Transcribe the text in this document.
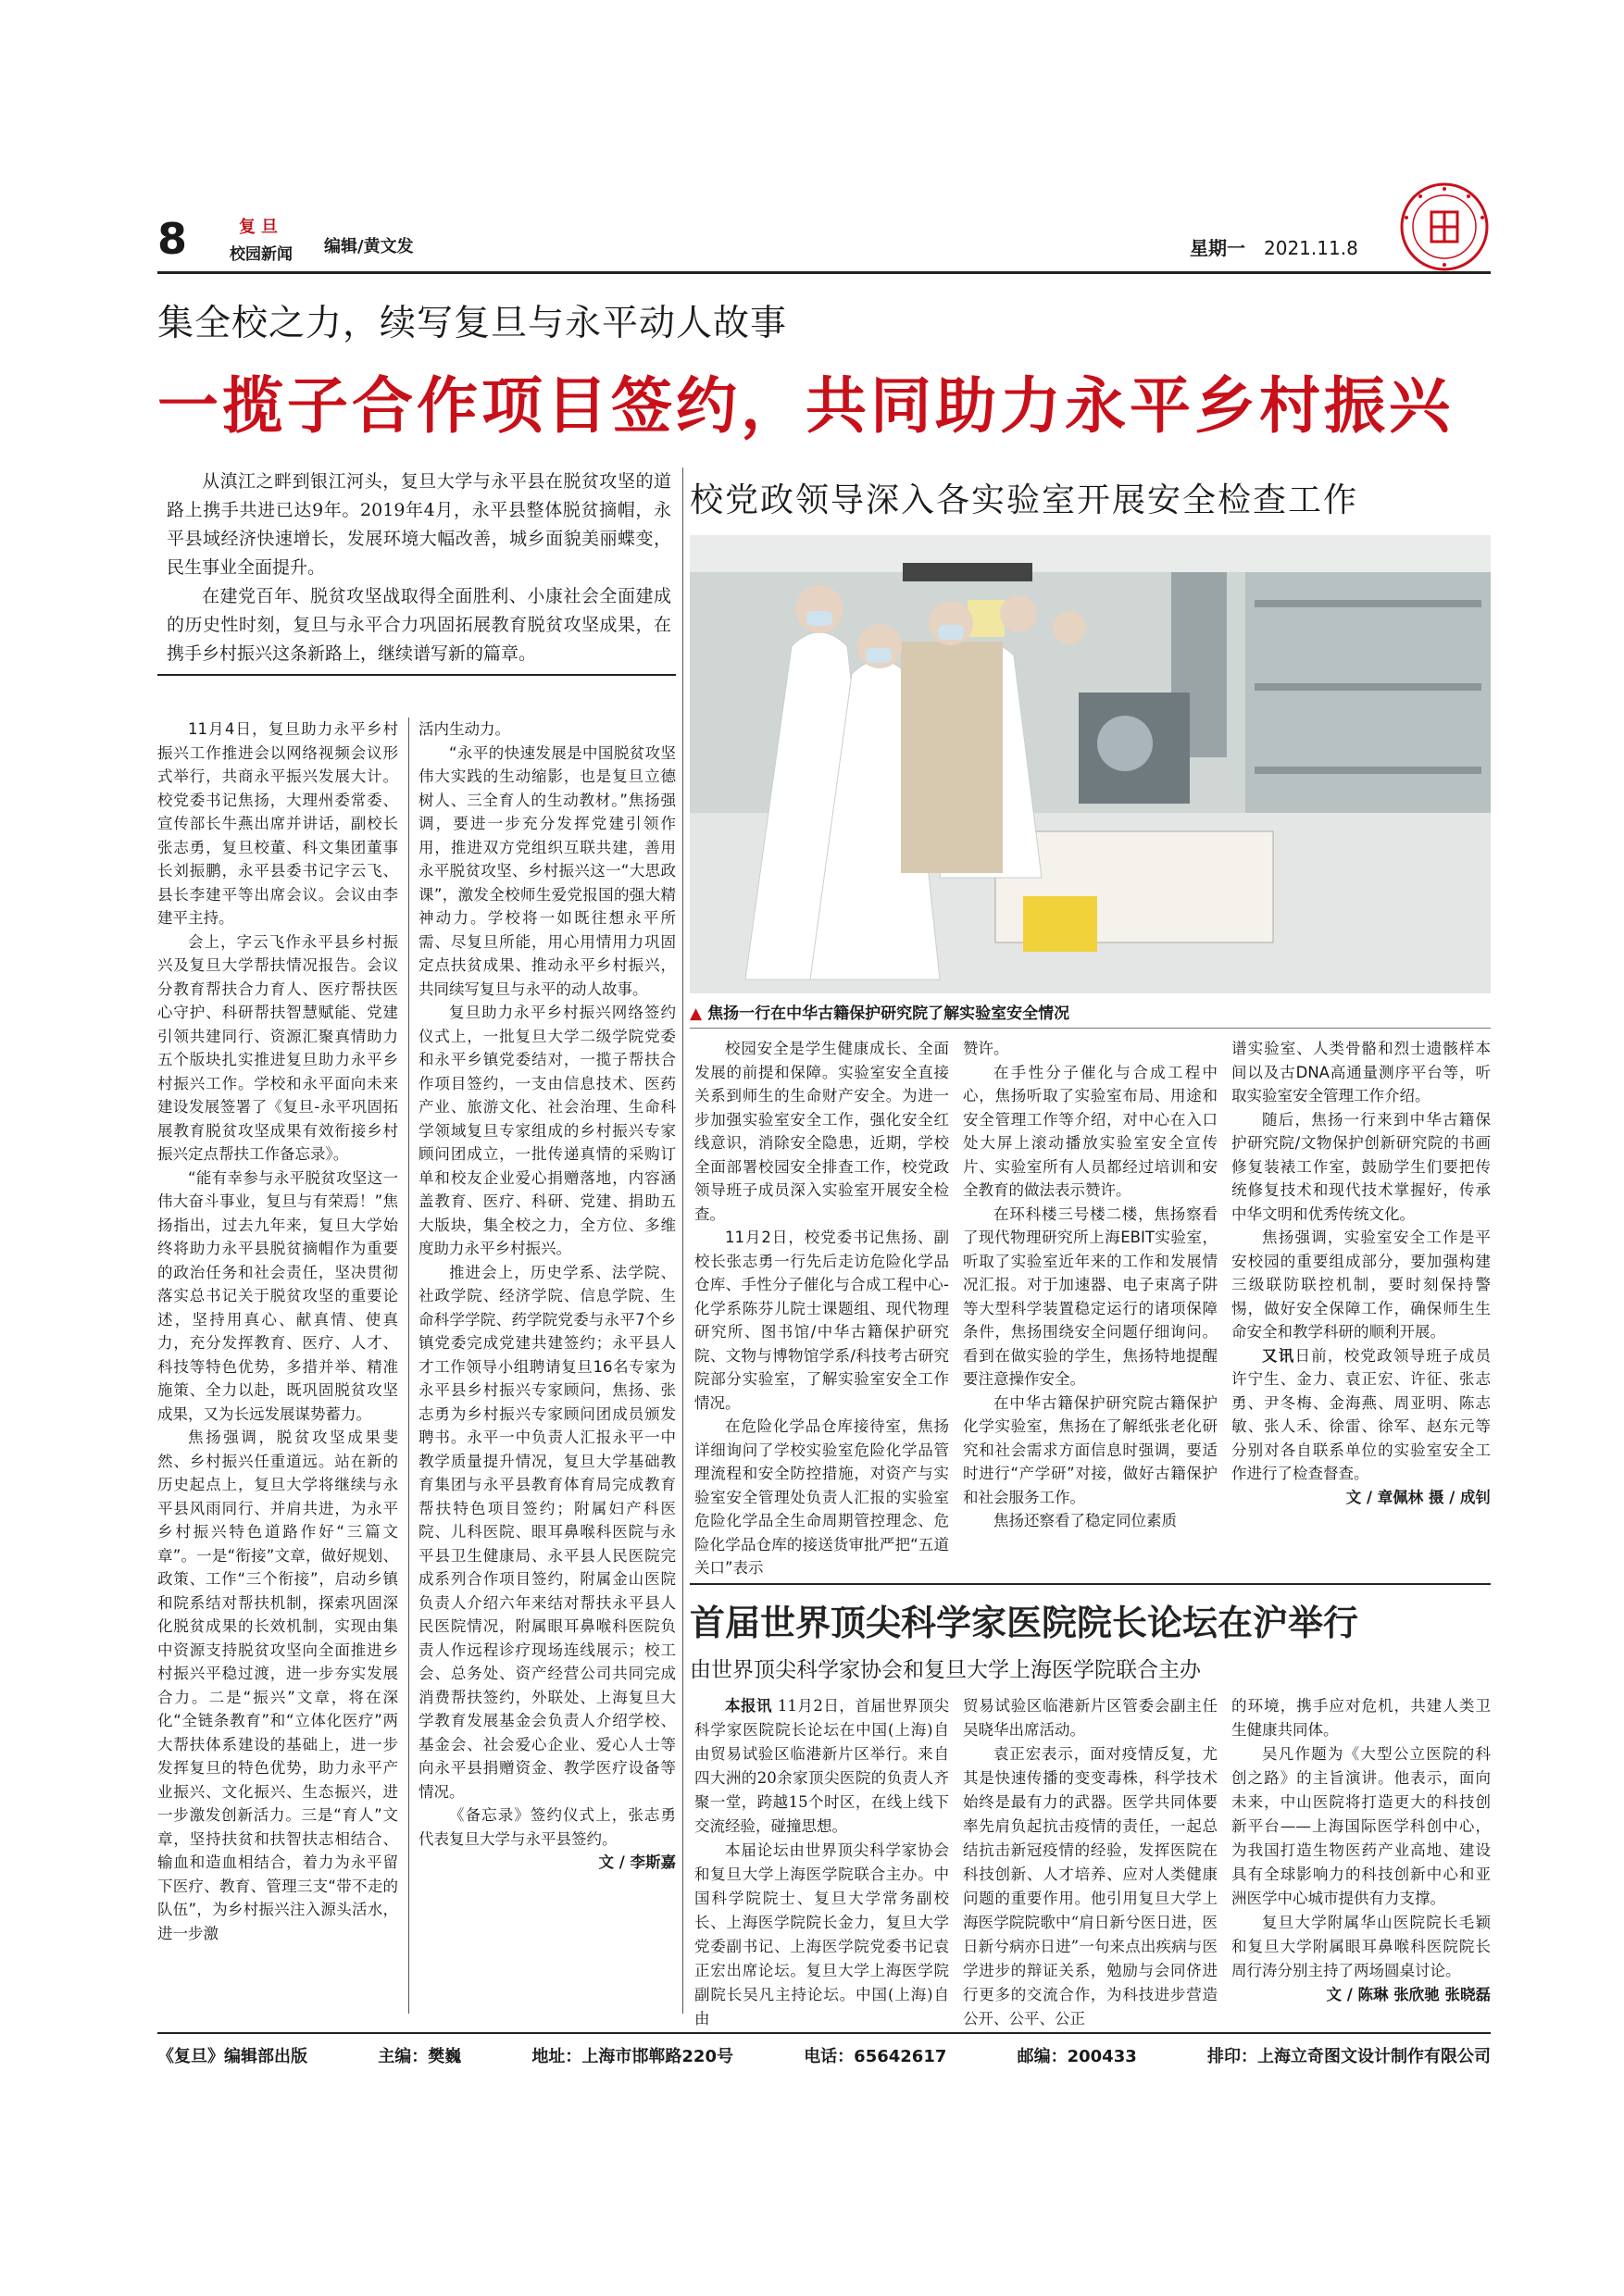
8	复旦
校园新闻	编辑/黄文发	星期一 2021.11.8
集全校之力，续写复旦与永平动人故事
一揽子合作项目签约，共同助力永平乡村振兴

从滇江之畔到银江河头，复旦大学与永平县在脱贫攻坚的道路上携手共进已达9年。2019年4月，永平县整体脱贫摘帽，永平县域经济快速增长，发展环境大幅改善，城乡面貌美丽蝶变，民生事业全面提升。

在建党百年、脱贫攻坚战取得全面胜利、小康社会全面建成的历史性时刻，复旦与永平合力巩固拓展教育脱贫攻坚成果，在携手乡村振兴这条新路上，继续谱写新的篇章。

11月4日，复旦助力永平乡村振兴工作推进会以网络视频会议形式举行，共商永平振兴发展大计。校党委书记焦扬，大理州委常委、宣传部长牛燕出席并讲话，副校长张志勇，复旦校董、科文集团董事长刘振鹏，永平县委书记字云飞、县长李建平等出席会议。会议由李建平主持。

会上，字云飞作永平县乡村振兴及复旦大学帮扶情况报告。会议分教育帮扶合力育人、医疗帮扶医心守护、科研帮扶智慧赋能、党建引领共建同行、资源汇聚真情助力五个版块扎实推进复旦助力永平乡村振兴工作。学校和永平面向未来建设发展签署了《复旦-永平巩固拓展教育脱贫攻坚成果有效衔接乡村振兴定点帮扶工作备忘录》。

“能有幸参与永平脱贫攻坚这一伟大奋斗事业，复旦与有荣焉！”焦扬指出，过去九年来，复旦大学始终将助力永平县脱贫摘帽作为重要的政治任务和社会责任，坚决贯彻落实总书记关于脱贫攻坚的重要论述，坚持用真心、献真情、使真力，充分发挥教育、医疗、人才、科技等特色优势，多措并举、精准施策、全力以赴，既巩固脱贫攻坚成果，又为长远发展谋势蓄力。

焦扬强调，脱贫攻坚成果斐然、乡村振兴任重道远。站在新的历史起点上，复旦大学将继续与永平县风雨同行、并肩共进，为永平乡村振兴特色道路作好“三篇文章”。一是“衔接”文章，做好规划、政策、工作“三个衔接”，启动乡镇和院系结对帮扶机制，探索巩固深化脱贫成果的长效机制，实现由集中资源支持脱贫攻坚向全面推进乡村振兴平稳过渡，进一步夯实发展合力。二是“振兴”文章，将在深化“全链条教育”和“立体化医疗”两大帮扶体系建设的基础上，进一步发挥复旦的特色优势，助力永平产业振兴、文化振兴、生态振兴，进一步激发创新活力。三是“育人”文章，坚持扶贫和扶智扶志相结合、输血和造血相结合，着力为永平留下医疗、教育、管理三支“带不走的队伍”，为乡村振兴注入源头活水，进一步激

活内生动力。

“永平的快速发展是中国脱贫攻坚伟大实践的生动缩影，也是复旦立德树人、三全育人的生动教材。”焦扬强调，要进一步充分发挥党建引领作用，推进双方党组织互联共建，善用永平脱贫攻坚、乡村振兴这一“大思政课”，激发全校师生爱党报国的强大精神动力。学校将一如既往想永平所需、尽复旦所能，用心用情用力巩固定点扶贫成果、推动永平乡村振兴，共同续写复旦与永平的动人故事。

复旦助力永平乡村振兴网络签约仪式上，一批复旦大学二级学院党委和永平乡镇党委结对，一揽子帮扶合作项目签约，一支由信息技术、医药产业、旅游文化、社会治理、生命科学领域复旦专家组成的乡村振兴专家顾问团成立，一批传递真情的采购订单和校友企业爱心捐赠落地，内容涵盖教育、医疗、科研、党建、捐助五大版块，集全校之力，全方位、多维度助力永平乡村振兴。

推进会上，历史学系、法学院、社政学院、经济学院、信息学院、生命科学学院、药学院党委与永平7个乡镇党委完成党建共建签约；永平县人才工作领导小组聘请复旦16名专家为永平县乡村振兴专家顾问，焦扬、张志勇为乡村振兴专家顾问团成员颁发聘书。永平一中负责人汇报永平一中教学质量提升情况，复旦大学基础教育集团与永平县教育体育局完成教育帮扶特色项目签约；附属妇产科医院、儿科医院、眼耳鼻喉科医院与永平县卫生健康局、永平县人民医院完成系列合作项目签约，附属金山医院负责人介绍六年来结对帮扶永平县人民医院情况，附属眼耳鼻喉科医院负责人作远程诊疗现场连线展示；校工会、总务处、资产经营公司共同完成消费帮扶签约，外联处、上海复旦大学教育发展基金会负责人介绍学校、基金会、社会爱心企业、爱心人士等向永平县捐赠资金、教学医疗设备等情况。

《备忘录》签约仪式上，张志勇代表复旦大学与永平县签约。

文 / 李斯嘉
校党政领导深入各实验室开展安全检查工作
▲ 焦扬一行在中华古籍保护研究院了解实验室安全情况

校园安全是学生健康成长、全面发展的前提和保障。实验室安全直接关系到师生的生命财产安全。为进一步加强实验室安全工作，强化安全红线意识，消除安全隐患，近期，学校全面部署校园安全排查工作，校党政领导班子成员深入实验室开展安全检查。

11月2日，校党委书记焦扬、副校长张志勇一行先后走访危险化学品仓库、手性分子催化与合成工程中心-化学系陈芬儿院士课题组、现代物理研究所、图书馆/中华古籍保护研究院、文物与博物馆学系/科技考古研究院部分实验室，了解实验室安全工作情况。

在危险化学品仓库接待室，焦扬详细询问了学校实验室危险化学品管理流程和安全防控措施，对资产与实验室安全管理处负责人汇报的实验室危险化学品全生命周期管控理念、危险化学品仓库的接送货审批严把“五道关口”表示

赞许。

在手性分子催化与合成工程中心，焦扬听取了实验室布局、用途和安全管理工作等介绍，对中心在入口处大屏上滚动播放实验室安全宣传片、实验室所有人员都经过培训和安全教育的做法表示赞许。

在环科楼三号楼二楼，焦扬察看了现代物理研究所上海EBIT实验室，听取了实验室近年来的工作和发展情况汇报。对于加速器、电子束离子阱等大型科学装置稳定运行的诸项保障条件，焦扬围绕安全问题仔细询问。看到在做实验的学生，焦扬特地提醒要注意操作安全。

在中华古籍保护研究院古籍保护化学实验室，焦扬在了解纸张老化研究和社会需求方面信息时强调，要适时进行“产学研”对接，做好古籍保护和社会服务工作。

焦扬还察看了稳定同位素质

谱实验室、人类骨骼和烈士遗骸样本间以及古DNA高通量测序平台等，听取实验室安全管理工作介绍。

随后，焦扬一行来到中华古籍保护研究院/文物保护创新研究院的书画修复装裱工作室，鼓励学生们要把传统修复技术和现代技术掌握好，传承中华文明和优秀传统文化。

焦扬强调，实验室安全工作是平安校园的重要组成部分，要加强构建三级联防联控机制，要时刻保持警惕，做好安全保障工作，确保师生生命安全和教学科研的顺利开展。

又讯日前，校党政领导班子成员许宁生、金力、袁正宏、许征、张志勇、尹冬梅、金海燕、周亚明、陈志敏、张人禾、徐雷、徐军、赵东元等分别对各自联系单位的实验室安全工作进行了检查督查。

文 / 章佩林 摄 / 成钊
首届世界顶尖科学家医院院长论坛在沪举行
由世界顶尖科学家协会和复旦大学上海医学院联合主办

本报讯 11月2日，首届世界顶尖科学家医院院长论坛在中国(上海)自由贸易试验区临港新片区举行。来自四大洲的20余家顶尖医院的负责人齐聚一堂，跨越15个时区，在线上线下交流经验，碰撞思想。

本届论坛由世界顶尖科学家协会和复旦大学上海医学院联合主办。中国科学院院士、复旦大学常务副校长、上海医学院院长金力，复旦大学党委副书记、上海医学院党委书记袁正宏出席论坛。复旦大学上海医学院副院长吴凡主持论坛。中国(上海)自由

贸易试验区临港新片区管委会副主任吴晓华出席活动。

袁正宏表示，面对疫情反复，尤其是快速传播的变变毒株，科学技术始终是最有力的武器。医学共同体要率先肩负起抗击疫情的责任，一起总结抗击新冠疫情的经验，发挥医院在科技创新、人才培养、应对人类健康问题的重要作用。他引用复旦大学上海医学院院歌中“肩日新兮医日进，医日新兮病亦日进”一句来点出疾病与医学进步的辩证关系，勉励与会同侪进行更多的交流合作，为科技进步营造公开、公平、公正

的环境，携手应对危机，共建人类卫生健康共同体。

吴凡作题为《大型公立医院的科创之路》的主旨演讲。他表示，面向未来，中山医院将打造更大的科技创新平台——上海国际医学科创中心，为我国打造生物医药产业高地、建设具有全球影响力的科技创新中心和亚洲医学中心城市提供有力支撑。

复旦大学附属华山医院院长毛颖和复旦大学附属眼耳鼻喉科医院院长周行涛分别主持了两场圆桌讨论。

文 / 陈琳 张欣驰 张晓磊
《复旦》编辑部出版	主编：樊巍	地址：上海市邯郸路220号	电话：65642617	邮编：200433	排印：上海立奇图文设计制作有限公司
